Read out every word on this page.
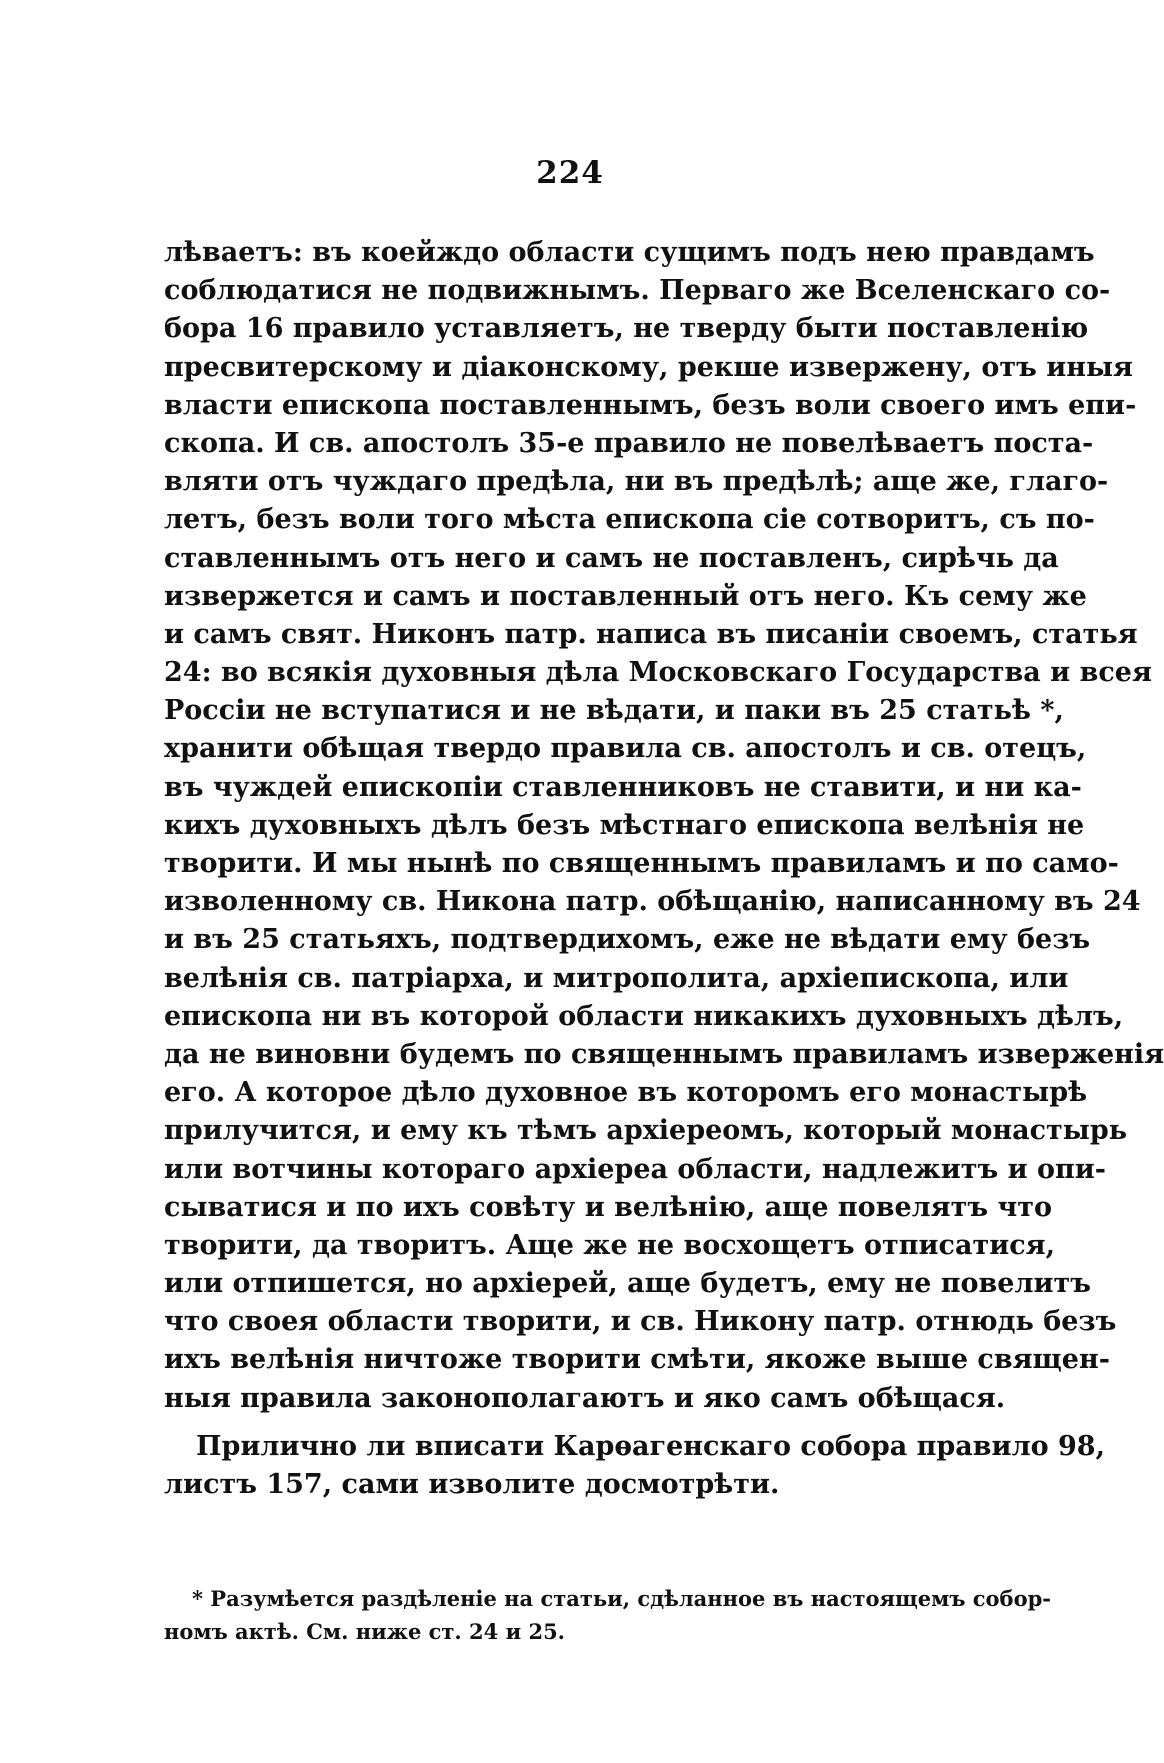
224
лѣваетъ: въ коейждо области сущимъ подъ нею правдамъ
соблюдатися не подвижнымъ. Перваго же Вселенскаго со-
бора 16 правило уставляетъ, не тверду быти поставленію
пресвитерскому и діаконскому, рекше извержену, отъ иныя
власти епископа поставленнымъ, безъ воли своего имъ епи-
скопа. И св. апостолъ 35-е правило не повелѣваетъ поста-
вляти отъ чуждаго предѣла, ни въ предѣлѣ; аще же, глаго-
летъ, безъ воли того мѣста епископа сіе сотворитъ, съ по-
ставленнымъ отъ него и самъ не поставленъ, сирѣчь да
извержется и самъ и поставленный отъ него. Къ сему же
и самъ свят. Никонъ патр. написа въ писаніи своемъ, статья
24: во всякія духовныя дѣла Московскаго Государства и всея
Россіи не вступатися и не вѣдати, и паки въ 25 статьѣ *,
хранити обѣщая твердо правила св. апостолъ и св. отецъ,
въ чуждей епископіи ставленниковъ не ставити, и ни ка-
кихъ духовныхъ дѣлъ безъ мѣстнаго епископа велѣнія не
творити. И мы нынѣ по священнымъ правиламъ и по само-
изволенному св. Никона патр. обѣщанію, написанному въ 24
и въ 25 статьяхъ, подтвердихомъ, еже не вѣдати ему безъ
велѣнія св. патріарха, и митрополита, архіепископа, или
епископа ни въ которой области никакихъ духовныхъ дѣлъ,
да не виновни будемъ по священнымъ правиламъ изверженія
его. А которое дѣло духовное въ которомъ его монастырѣ
прилучится, и ему къ тѣмъ архіереомъ, который монастырь
или вотчины котораго архіереа области, надлежитъ и опи-
сыватися и по ихъ совѣту и велѣнію, аще повелятъ что
творити, да творитъ. Аще же не восхощетъ отписатися,
или отпишется, но архіерей, аще будетъ, ему не повелитъ
что своея области творити, и св. Никону патр. отнюдь безъ
ихъ велѣнія ничтоже творити смѣти, якоже выше священ-
ныя правила законополагаютъ и яко самъ обѣщася.
Прилично ли вписати Карѳагенскаго собора правило 98,
листъ 157, сами изволите досмотрѣти.
* Разумѣется раздѣленіе на статьи, сдѣланное въ настоящемъ собор-
номъ актѣ. См. ниже ст. 24 и 25.
